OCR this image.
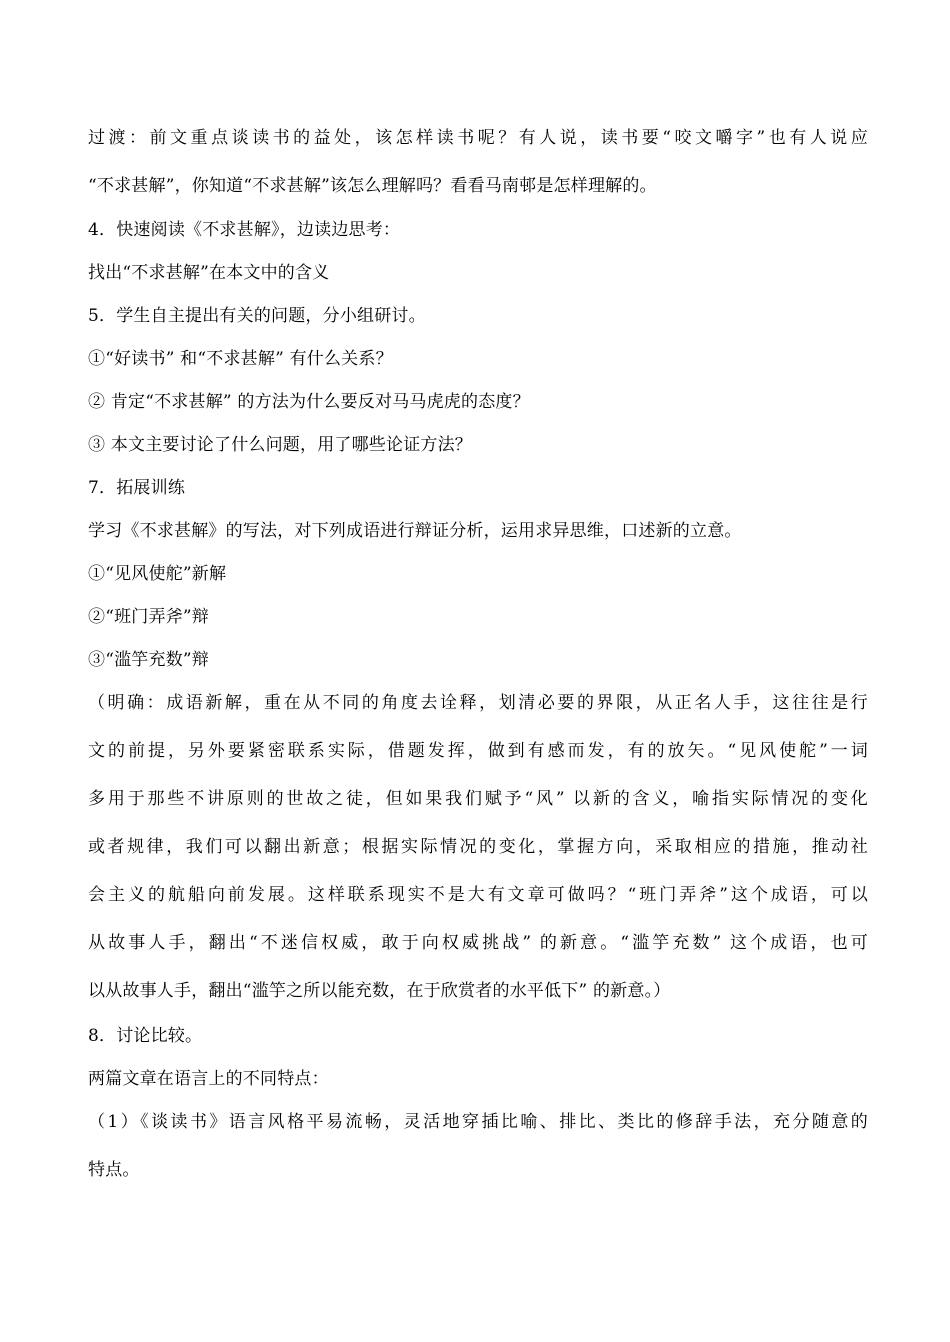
过渡：前文重点谈读书的益处，该怎样读书呢？有人说，读书要“咬文嚼字”也有人说应
“不求甚解”，你知道“不求甚解”该怎么理解吗？看看马南邨是怎样理解的。
4．快速阅读《不求甚解》，边读边思考：
找出“不求甚解”在本文中的含义
5．学生自主提出有关的问题，分小组研讨。
①“好读书” 和“不求甚解” 有什么关系？
② 肯定“不求甚解” 的方法为什么要反对马马虎虎的态度？
③ 本文主要讨论了什么问题，用了哪些论证方法？
7．拓展训练
学习《不求甚解》的写法，对下列成语进行辩证分析，运用求异思维，口述新的立意。
①“见风使舵”新解
②“班门弄斧”辩
③“滥竽充数”辩
（明确：成语新解，重在从不同的角度去诠释，划清必要的界限，从正名人手，这往往是行
文的前提，另外要紧密联系实际，借题发挥，做到有感而发，有的放矢。“见风使舵”一词
多用于那些不讲原则的世故之徒，但如果我们赋予“风” 以新的含义，喻指实际情况的变化
或者规律，我们可以翻出新意；根据实际情况的变化，掌握方向，采取相应的措施，推动社
会主义的航船向前发展。这样联系现实不是大有文章可做吗？“班门弄斧”这个成语，可以
从故事人手，翻出“不迷信权威，敢于向权威挑战” 的新意。“滥竽充数” 这个成语，也可
以从故事人手，翻出“滥竽之所以能充数，在于欣赏者的水平低下” 的新意。）
8．讨论比较。
两篇文章在语言上的不同特点：
（1）《谈读书》语言风格平易流畅，灵活地穿插比喻、排比、类比的修辞手法，充分随意的
特点。
